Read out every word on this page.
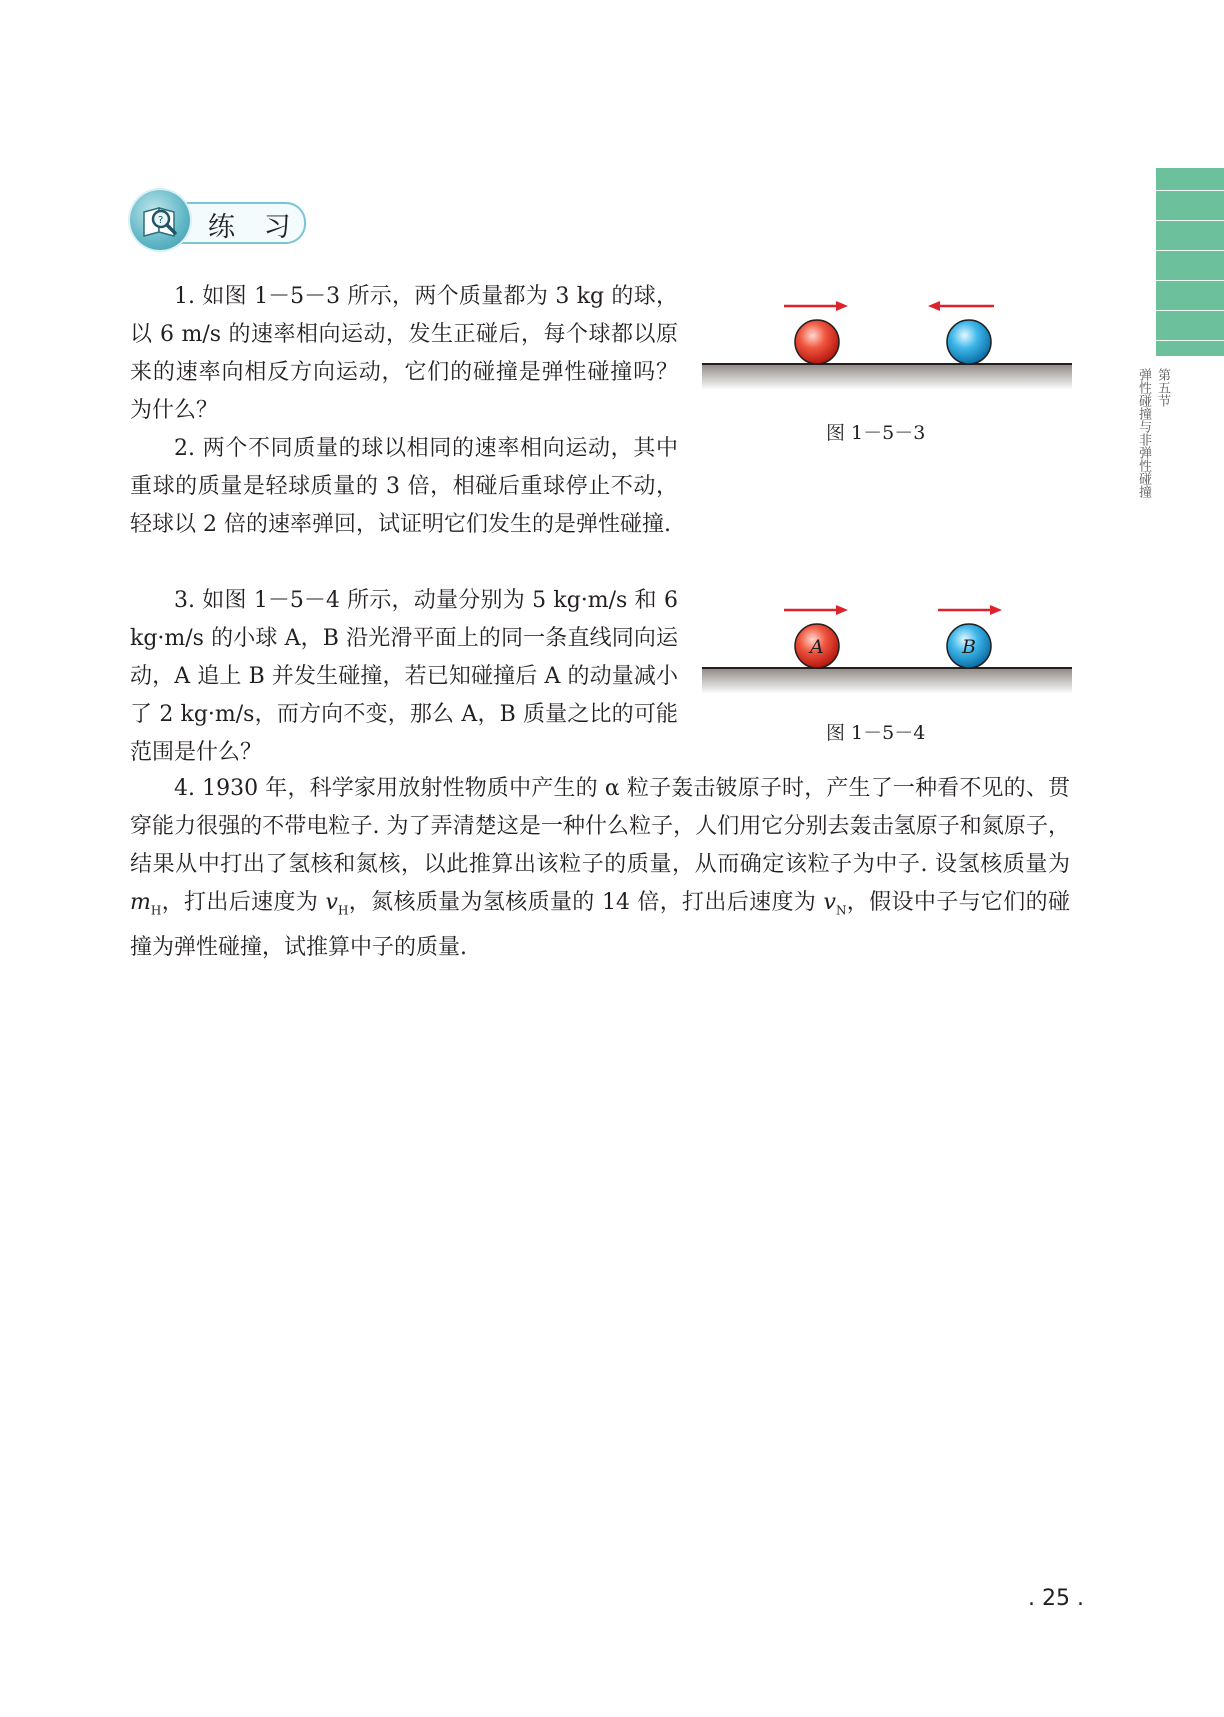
第五节
弹性碰撞与非弹性碰撞
? 练 习

1. 如图 1－5－3 所示，两个质量都为 3 kg 的球，以 6 m/s 的速率相向运动，发生正碰后，每个球都以原来的速率向相反方向运动，它们的碰撞是弹性碰撞吗？为什么？

2. 两个不同质量的球以相同的速率相向运动，其中重球的质量是轻球质量的 3 倍，相碰后重球停止不动，轻球以 2 倍的速率弹回，试证明它们发生的是弹性碰撞.

3. 如图 1－5－4 所示，动量分别为 5 kg·m/s 和 6 kg·m/s 的小球 A，B 沿光滑平面上的同一条直线同向运动，A 追上 B 并发生碰撞，若已知碰撞后 A 的动量减小了 2 kg·m/s，而方向不变，那么 A，B 质量之比的可能范围是什么？

4. 1930 年，科学家用放射性物质中产生的 α 粒子轰击铍原子时，产生了一种看不见的、贯穿能力很强的不带电粒子. 为了弄清楚这是一种什么粒子，人们用它分别去轰击氢原子和氮原子，结果从中打出了氢核和氮核，以此推算出该粒子的质量，从而确定该粒子为中子. 设氢核质量为 $m_H$，打出后速度为 $v_H$，氮核质量为氢核质量的 14 倍，打出后速度为 $v_N$，假设中子与它们的碰撞为弹性碰撞，试推算中子的质量.

图 1－5－3
A	B
图 1－5－4
. 25 .
